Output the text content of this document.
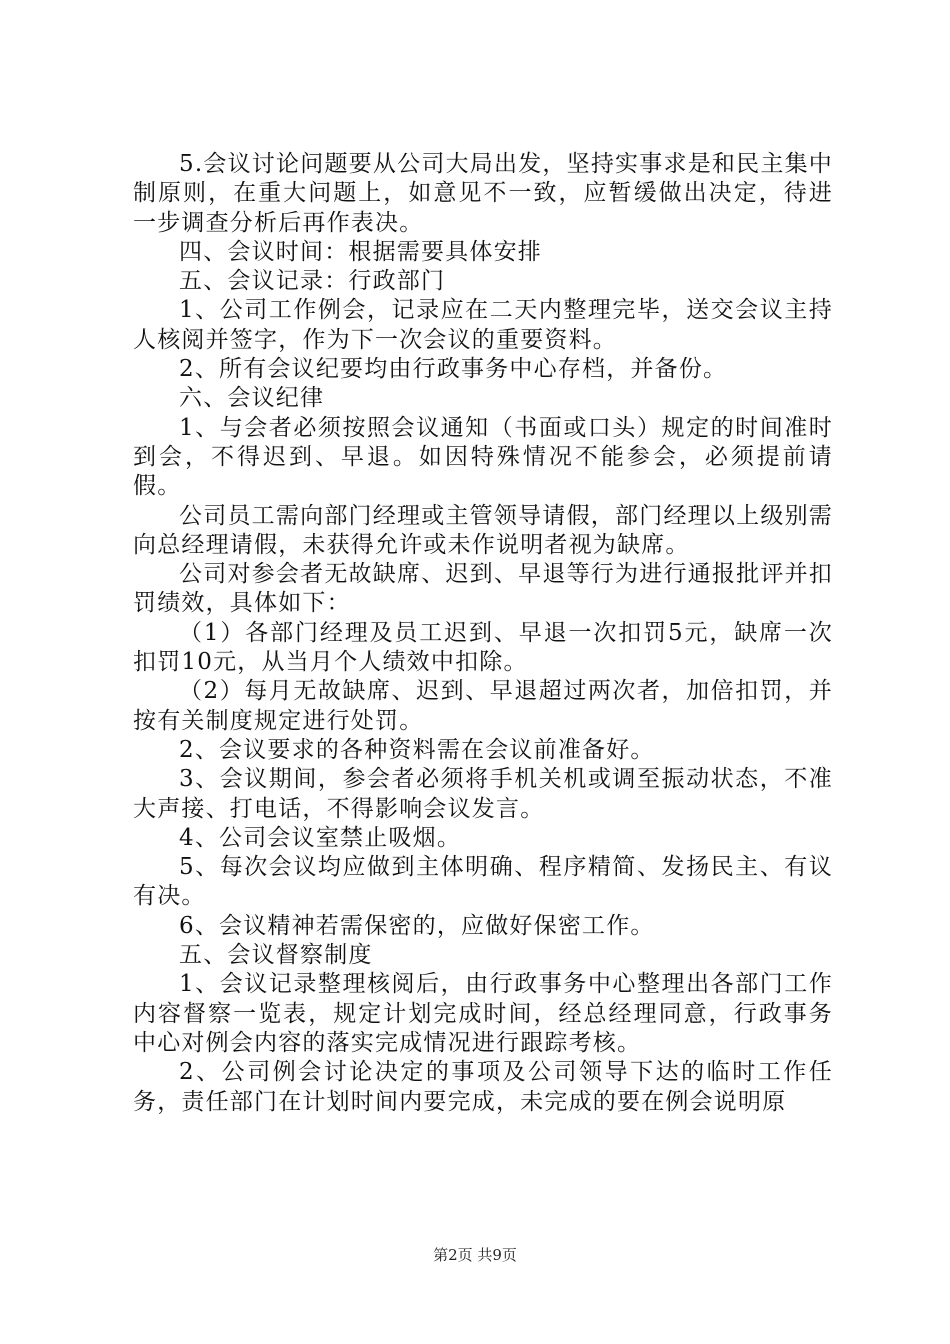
5.会议讨论问题要从公司大局出发，坚持实事求是和民主集中制原则，在重大问题上，如意见不一致，应暂缓做出决定，待进一步调查分析后再作表决。

四、会议时间：根据需要具体安排

五、会议记录：行政部门

1、公司工作例会，记录应在二天内整理完毕，送交会议主持人核阅并签字，作为下一次会议的重要资料。

2、所有会议纪要均由行政事务中心存档，并备份。

六、会议纪律

1、与会者必须按照会议通知（书面或口头）规定的时间准时到会，不得迟到、早退。如因特殊情况不能参会，必须提前请假。

公司员工需向部门经理或主管领导请假，部门经理以上级别需向总经理请假，未获得允许或未作说明者视为缺席。

公司对参会者无故缺席、迟到、早退等行为进行通报批评并扣罚绩效，具体如下：

（1）各部门经理及员工迟到、早退一次扣罚5元，缺席一次扣罚10元，从当月个人绩效中扣除。

（2）每月无故缺席、迟到、早退超过两次者，加倍扣罚，并按有关制度规定进行处罚。

2、会议要求的各种资料需在会议前准备好。

3、会议期间，参会者必须将手机关机或调至振动状态，不准大声接、打电话，不得影响会议发言。

4、公司会议室禁止吸烟。

5、每次会议均应做到主体明确、程序精简、发扬民主、有议有决。

6、会议精神若需保密的，应做好保密工作。

五、会议督察制度

1、会议记录整理核阅后，由行政事务中心整理出各部门工作内容督察一览表，规定计划完成时间，经总经理同意，行政事务中心对例会内容的落实完成情况进行跟踪考核。

2、公司例会讨论决定的事项及公司领导下达的临时工作任务，责任部门在计划时间内要完成，未完成的要在例会说明原

第2页 共9页
